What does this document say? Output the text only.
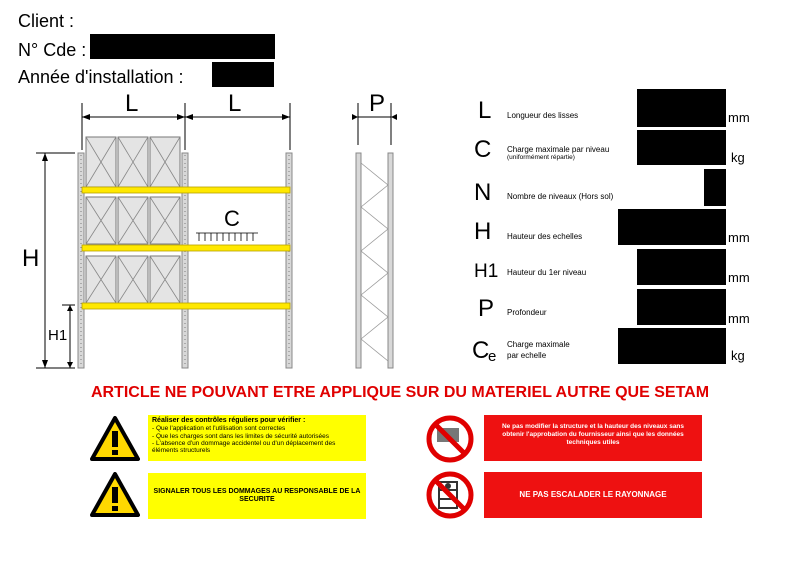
Client :
N° Cde :
Année d'installation :
L	L	P
H
H1
C
L Longueur des lisses	mm
C Charge maximale par niveau
(uniformément répartie)	kg
N Nombre de niveaux (Hors sol)
H Hauteur des echelles	mm
H1 Hauteur du 1er niveau	mm
P Profondeur	mm
C
e
Charge maximale
par echelle	kg
ARTICLE NE POUVANT ETRE APPLIQUE SUR DU MATERIEL AUTRE QUE SETAM
Réaliser des contrôles réguliers pour vérifier :
- Que l'application et l'utilisation sont correctes
- Que les charges sont dans les limites de sécurité autorisées
- L'absence d'un dommage accidentel ou d'un déplacement des éléments structurels
SIGNALER TOUS LES DOMMAGES AU RESPONSABLE DE LA SECURITE
Ne pas modifier la structure et la hauteur des niveaux sans obtenir l'approbation du fournisseur ainsi que les données techniques utiles
NE PAS ESCALADER LE RAYONNAGE
